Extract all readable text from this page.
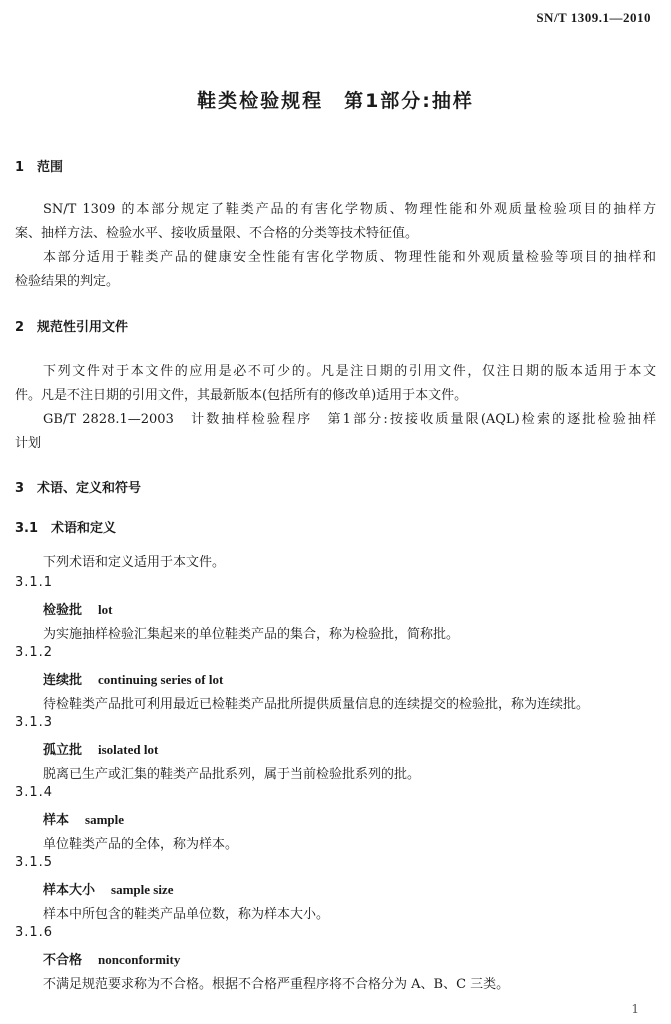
SN/T 1309.1—2010
鞋类检验规程　第1部分:抽样
1 范围
SN/T 1309 的本部分规定了鞋类产品的有害化学物质、物理性能和外观质量检验项目的抽样方
案、抽样方法、检验水平、接收质量限、不合格的分类等技术特征值。
本部分适用于鞋类产品的健康安全性能有害化学物质、物理性能和外观质量检验等项目的抽样和
检验结果的判定。
2 规范性引用文件
下列文件对于本文件的应用是必不可少的。凡是注日期的引用文件，仅注日期的版本适用于本文
件。凡是不注日期的引用文件，其最新版本(包括所有的修改单)适用于本文件。
GB/T 2828.1—2003　计数抽样检验程序　第1部分:按接收质量限(AQL)检索的逐批检验抽样
计划
3 术语、定义和符号
3.1 术语和定义
下列术语和定义适用于本文件。
3.1.1
检验批 lot
为实施抽样检验汇集起来的单位鞋类产品的集合，称为检验批，简称批。
3.1.2
连续批 continuing series of lot
待检鞋类产品批可利用最近已检鞋类产品批所提供质量信息的连续提交的检验批，称为连续批。
3.1.3
孤立批 isolated lot
脱离已生产或汇集的鞋类产品批系列，属于当前检验批系列的批。
3.1.4
样本 sample
单位鞋类产品的全体，称为样本。
3.1.5
样本大小 sample size
样本中所包含的鞋类产品单位数，称为样本大小。
3.1.6
不合格 nonconformity
不满足规范要求称为不合格。根据不合格严重程序将不合格分为 A、B、C 三类。
1
